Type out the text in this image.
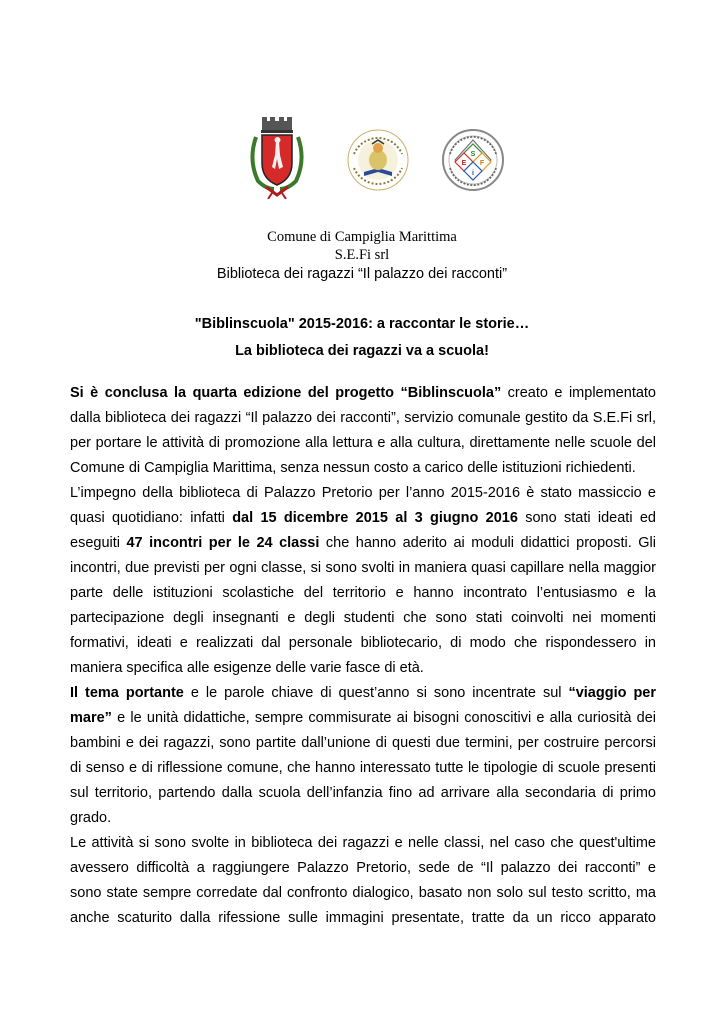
S
E F
i
Comune di Campiglia Marittima
S.E.Fi srl
Biblioteca dei ragazzi “Il palazzo dei racconti”
"Biblinscuola" 2015-2016: a raccontar le storie…
La biblioteca dei ragazzi va a scuola!
Si è conclusa la quarta edizione del progetto “Biblinscuola” creato e implementato
dalla biblioteca dei ragazzi “Il palazzo dei racconti”, servizio comunale gestito da S.E.Fi srl,
per portare le attività di promozione alla lettura e alla cultura, direttamente nelle scuole del
Comune di Campiglia Marittima, senza nessun costo a carico delle istituzioni richiedenti.
L’impegno della biblioteca di Palazzo Pretorio per l’anno 2015-2016 è stato massiccio e
quasi quotidiano: infatti dal 15 dicembre 2015 al 3 giugno 2016 sono stati ideati ed
eseguiti 47 incontri per le 24 classi che hanno aderito ai moduli didattici proposti. Gli
incontri, due previsti per ogni classe, si sono svolti in maniera quasi capillare nella maggior
parte delle istituzioni scolastiche del territorio e hanno incontrato l’entusiasmo e la
partecipazione degli insegnanti e degli studenti che sono stati coinvolti nei momenti
formativi, ideati e realizzati dal personale bibliotecario, di modo che rispondessero in
maniera specifica alle esigenze delle varie fasce di età.
Il tema portante e le parole chiave di quest’anno si sono incentrate sul “viaggio per
mare” e le unità didattiche, sempre commisurate ai bisogni conoscitivi e alla curiosità dei
bambini e dei ragazzi, sono partite dall’unione di questi due termini, per costruire percorsi
di senso e di riflessione comune, che hanno interessato tutte le tipologie di scuole presenti
sul territorio, partendo dalla scuola dell’infanzia fino ad arrivare alla secondaria di primo
grado.
Le attività si sono svolte in biblioteca dei ragazzi e nelle classi, nel caso che quest'ultime
avessero difficoltà a raggiungere Palazzo Pretorio, sede de “Il palazzo dei racconti” e
sono state sempre corredate dal confronto dialogico, basato non solo sul testo scritto, ma
anche scaturito dalla rifessione sulle immagini presentate, tratte da un ricco apparato
